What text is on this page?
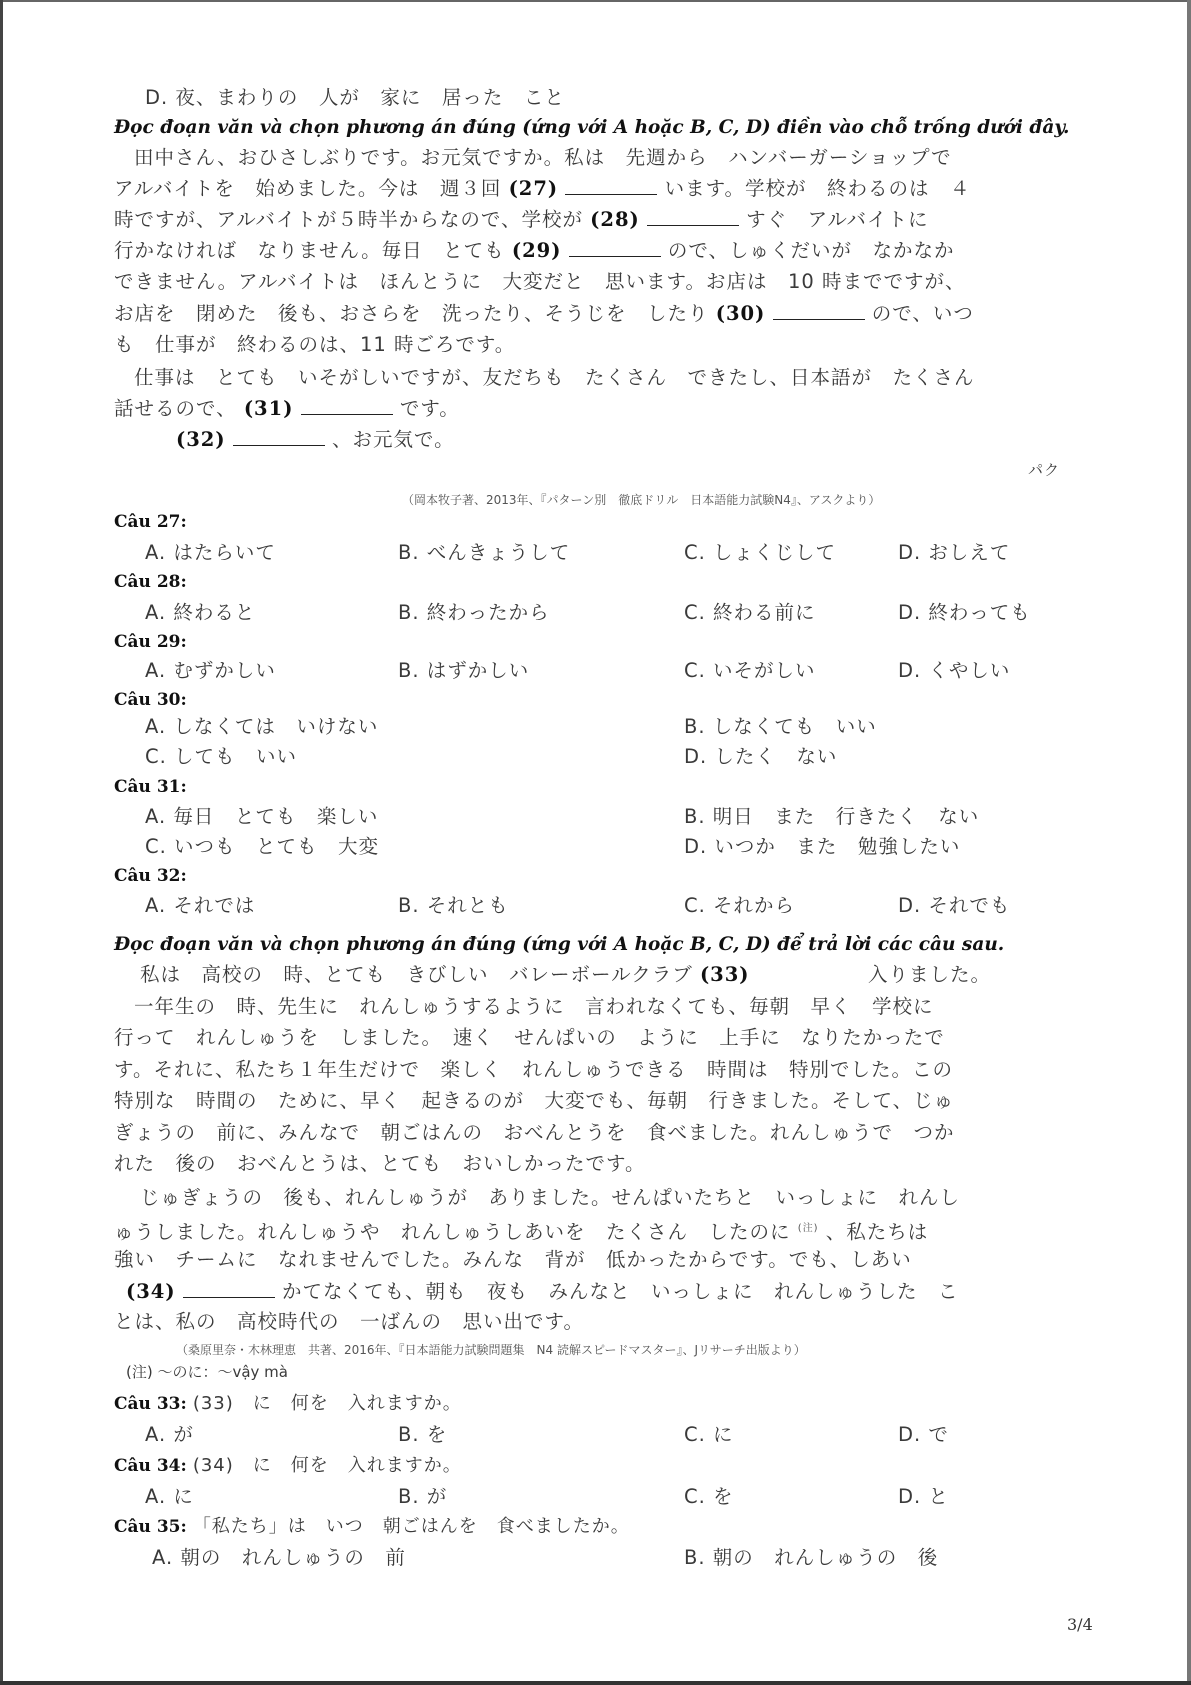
D. 夜、まわりの　人が　家に　居った　こと
Đọc đoạn văn và chọn phương án đúng (ứng với A hoặc B, C, D) điền vào chỗ trống dưới đây.
田中さん、おひさしぶりです。お元気ですか。私は　先週から　ハンバーガーショップで
アルバイトを　始めました。今は　週３回 (27)	います。学校が　終わるのは　４
時ですが、アルバイトが５時半からなので、学校が (28)	すぐ　アルバイトに
行かなければ　なりません。毎日　とても (29)	ので、しゅくだいが　なかなか
できません。アルバイトは　ほんとうに　大変だと　思います。お店は　10 時までですが、
お店を　閉めた　後も、おさらを　洗ったり、そうじを　したり (30)	ので、いつ
も　仕事が　終わるのは、11 時ごろです。
仕事は　とても　いそがしいですが、友だちも　たくさん　できたし、日本語が　たくさん
話せるので、 (31)	です。
(32)	、お元気で。
パク
（岡本牧子著、2013年、『パターン別　徹底ドリル　日本語能力試験N4』、アスクより）
Câu 27:
A. はたらいて	B. べんきょうして	C. しょくじして	D. おしえて
Câu 28:
A. 終わると	B. 終わったから	C. 終わる前に	D. 終わっても
Câu 29:
A. むずかしい	B. はずかしい	C. いそがしい	D. くやしい
Câu 30:
A. しなくては　いけない	B. しなくても　いい
C. しても　いい	D. したく　ない
Câu 31:
A. 毎日　とても　楽しい	B. 明日　また　行きたく　ない
C. いつも　とても　大変	D. いつか　また　勉強したい
Câu 32:
A. それでは	B. それとも	C. それから	D. それでも
Đọc đoạn văn và chọn phương án đúng (ứng với A hoặc B, C, D) để trả lời các câu sau.
私は　高校の　時、とても　きびしい　バレーボールクラブ (33)	入りました。
一年生の　時、先生に　れんしゅうするように　言われなくても、毎朝　早く　学校に
行って　れんしゅうを　しました。　速く　せんぱいの　ように　上手に　なりたかったで
す。それに、私たち１年生だけで　楽しく　れんしゅうできる　時間は　特別でした。この
特別な　時間の　ために、早く　起きるのが　大変でも、毎朝　行きました。そして、じゅ
ぎょうの　前に、みんなで　朝ごはんの　おべんとうを　食べました。れんしゅうで　つか
れた　後の　おべんとうは、とても　おいしかったです。
じゅぎょうの　後も、れんしゅうが　ありました。せんぱいたちと　いっしょに　れんし
ゅうしました。れんしゅうや　れんしゅうしあいを　たくさん　したのに $^{(注)}$ 、私たちは
強い　チームに　なれませんでした。みんな　背が　低かったからです。でも、しあい
(34)	かてなくても、朝も　夜も　みんなと　いっしょに　れんしゅうした　こ
とは、私の　高校時代の　一ばんの　思い出です。
（桑原里奈・木林理恵　共著、2016年、『日本語能力試験問題集　N4 読解スピードマスター』、Jリサーチ出版より）
(注) ～のに：～vậy mà
Câu 33: (33)　に　何を　入れますか。
A. が	B. を	C. に	D. で
Câu 34: (34)　に　何を　入れますか。
A. に	B. が	C. を	D. と
Câu 35: 「私たち」は　いつ　朝ごはんを　食べましたか。
A. 朝の　れんしゅうの　前	B. 朝の　れんしゅうの　後
3/4
